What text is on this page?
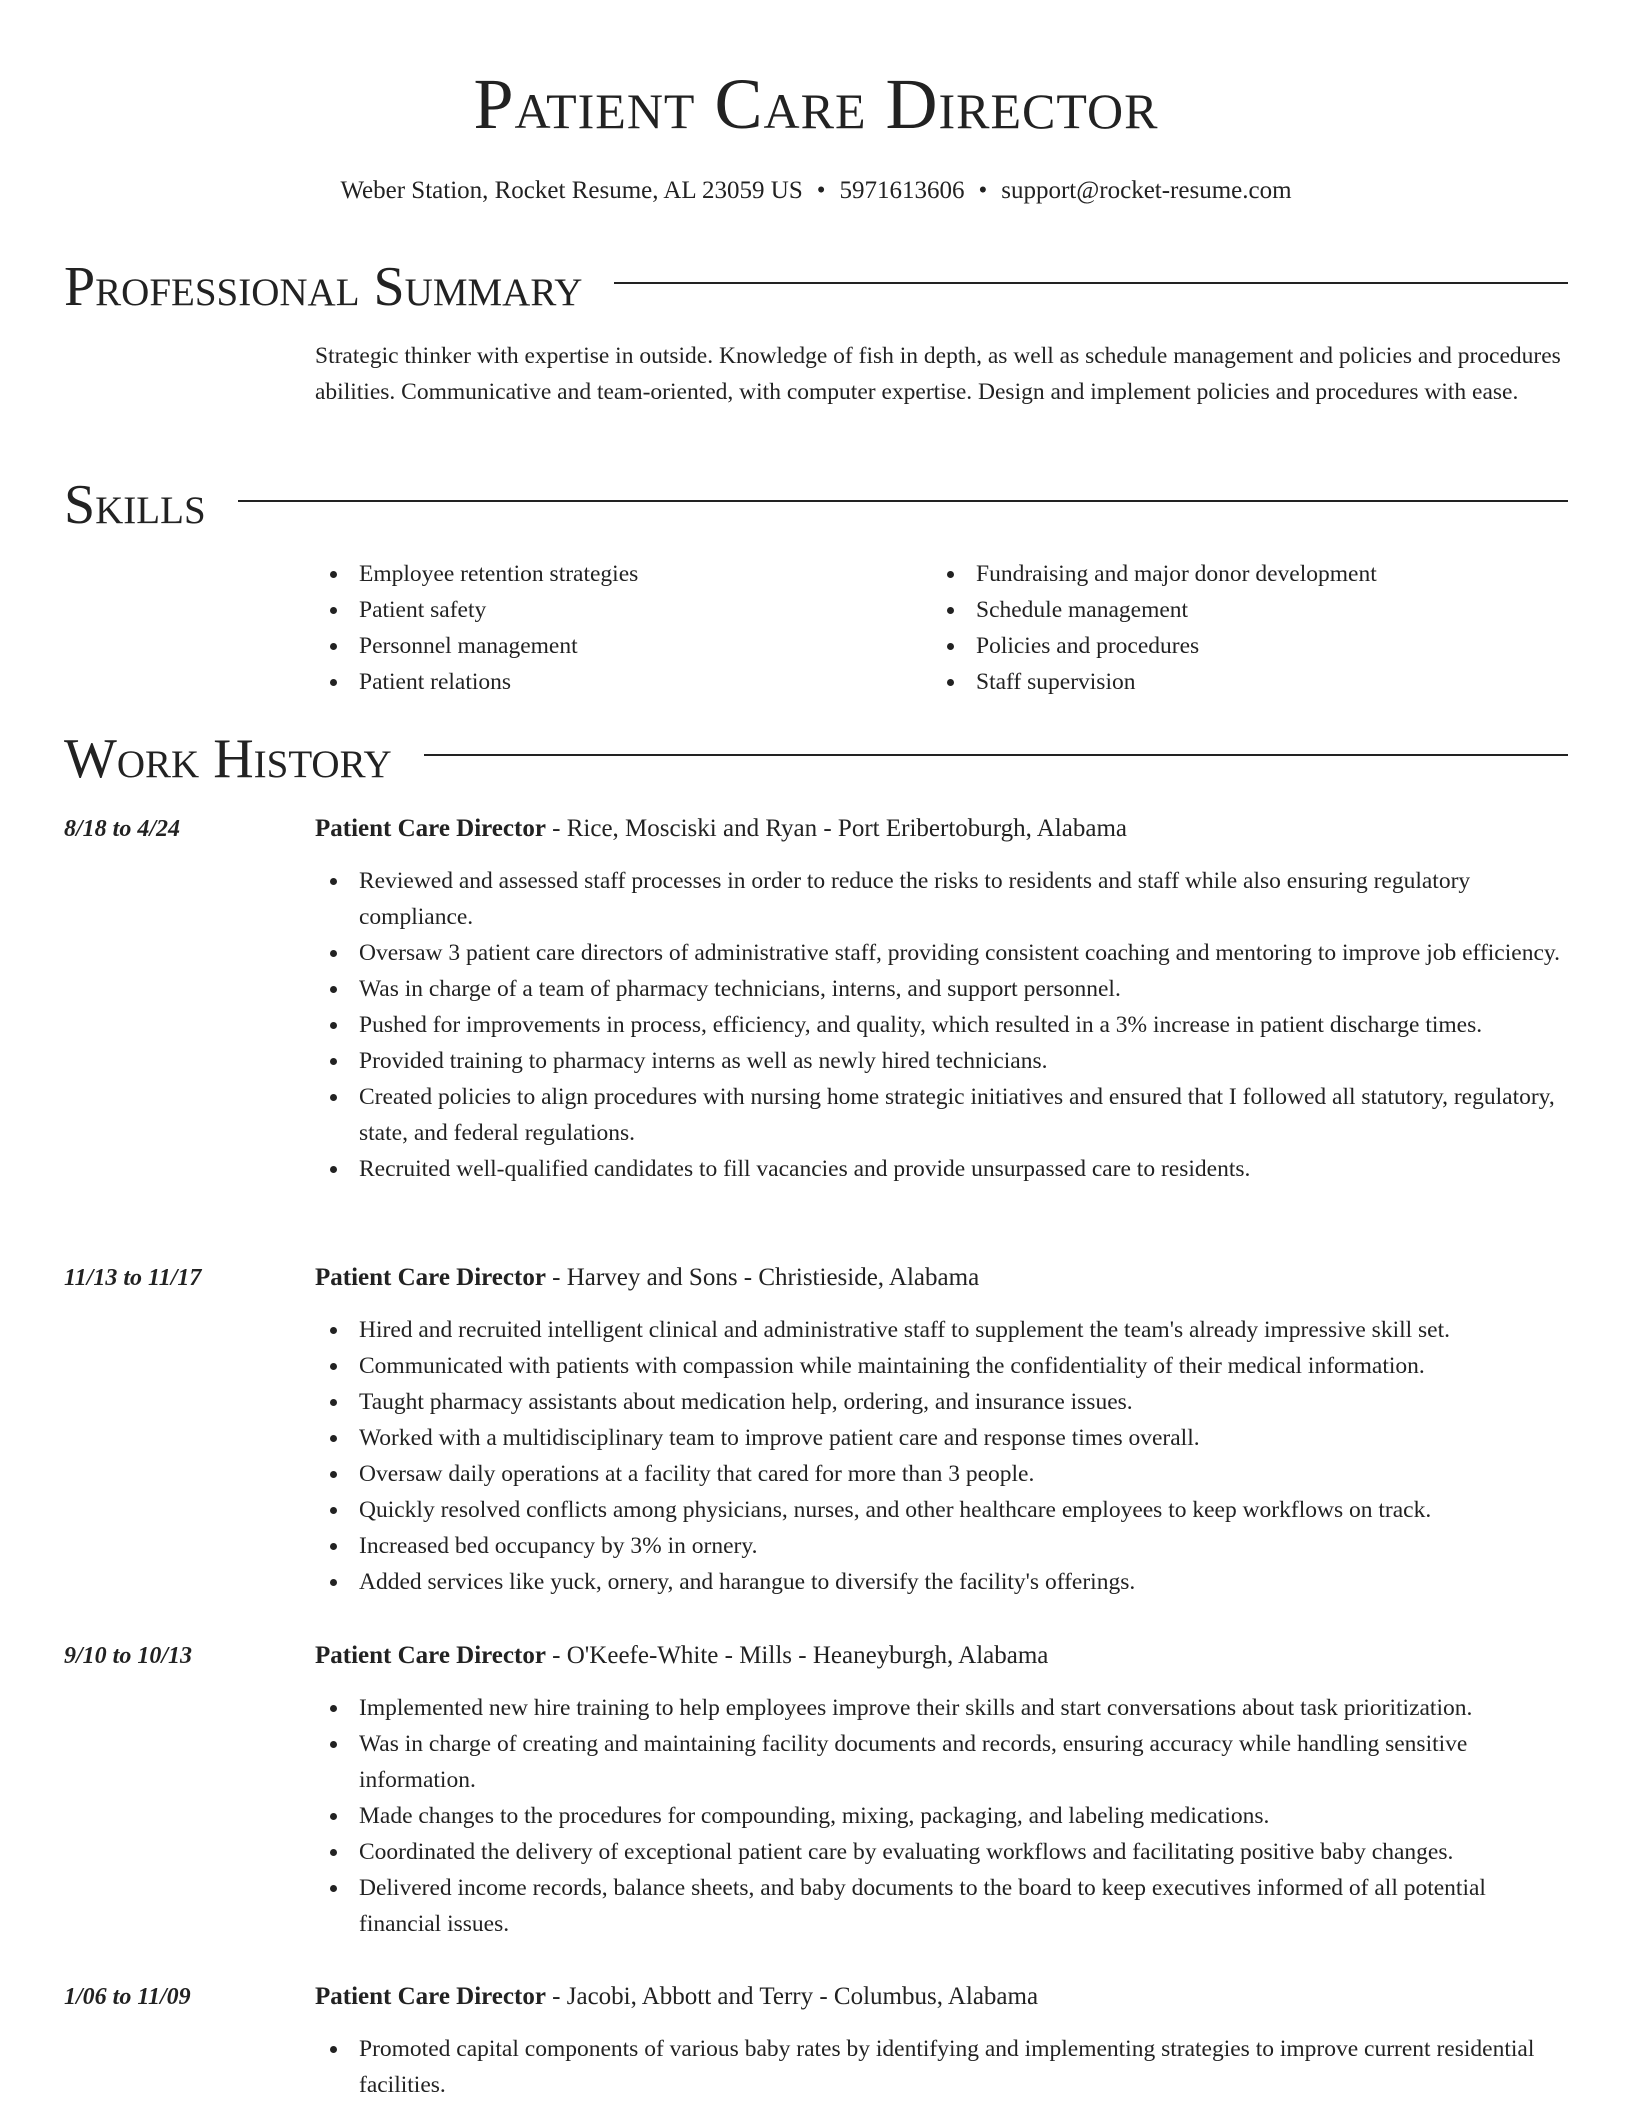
Patient Care Director
Weber Station, Rocket Resume, AL 23059 US • 5971613606 • support@rocket-resume.com
Professional Summary

Strategic thinker with expertise in outside. Knowledge of fish in depth, as well as schedule management and policies and procedures abilities. Communicative and team-oriented, with computer expertise. Design and implement policies and procedures with ease.

Skills
Employee retention strategies
Patient safety
Personnel management
Patient relations
Fundraising and major donor development
Schedule management
Policies and procedures
Staff supervision
Work History
8/18 to 4/24	Patient Care Director - Rice, Mosciski and Ryan - Port Eribertoburgh, Alabama
Reviewed and assessed staff processes in order to reduce the risks to residents and staff while also ensuring regulatory compliance.
Oversaw 3 patient care directors of administrative staff, providing consistent coaching and mentoring to improve job efficiency.
Was in charge of a team of pharmacy technicians, interns, and support personnel.
Pushed for improvements in process, efficiency, and quality, which resulted in a 3% increase in patient discharge times.
Provided training to pharmacy interns as well as newly hired technicians.
Created policies to align procedures with nursing home strategic initiatives and ensured that I followed all statutory, regulatory, state, and federal regulations.
Recruited well-qualified candidates to fill vacancies and provide unsurpassed care to residents.
11/13 to 11/17	Patient Care Director - Harvey and Sons - Christieside, Alabama
Hired and recruited intelligent clinical and administrative staff to supplement the team's already impressive skill set.
Communicated with patients with compassion while maintaining the confidentiality of their medical information.
Taught pharmacy assistants about medication help, ordering, and insurance issues.
Worked with a multidisciplinary team to improve patient care and response times overall.
Oversaw daily operations at a facility that cared for more than 3 people.
Quickly resolved conflicts among physicians, nurses, and other healthcare employees to keep workflows on track.
Increased bed occupancy by 3% in ornery.
Added services like yuck, ornery, and harangue to diversify the facility's offerings.
9/10 to 10/13	Patient Care Director - O'Keefe-White - Mills - Heaneyburgh, Alabama
Implemented new hire training to help employees improve their skills and start conversations about task prioritization.
Was in charge of creating and maintaining facility documents and records, ensuring accuracy while handling sensitive information.
Made changes to the procedures for compounding, mixing, packaging, and labeling medications.
Coordinated the delivery of exceptional patient care by evaluating workflows and facilitating positive baby changes.
Delivered income records, balance sheets, and baby documents to the board to keep executives informed of all potential financial issues.
1/06 to 11/09	Patient Care Director - Jacobi, Abbott and Terry - Columbus, Alabama
Promoted capital components of various baby rates by identifying and implementing strategies to improve current residential facilities.
